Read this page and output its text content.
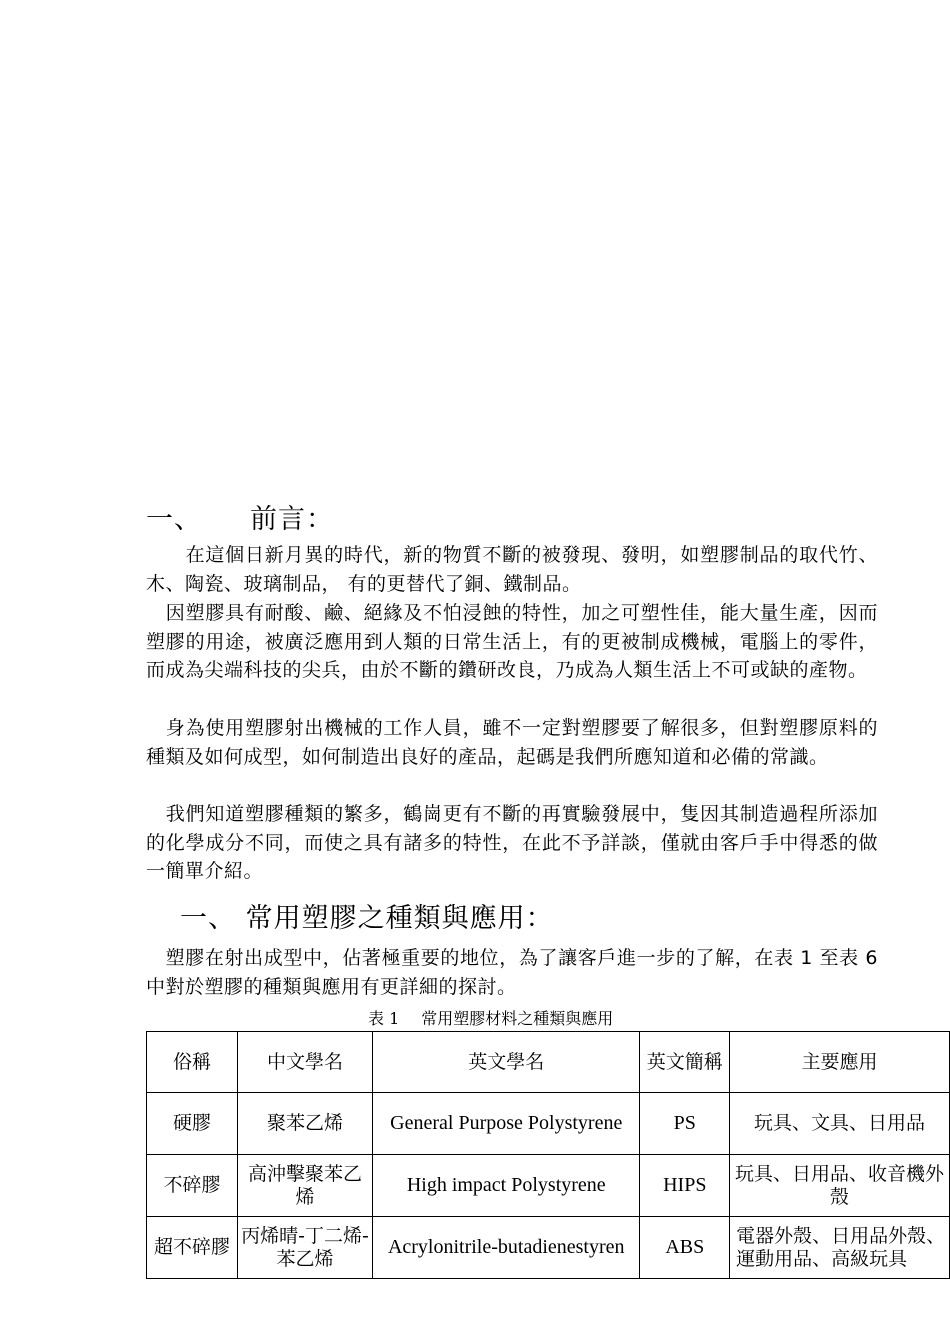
一、 前言：

　　在這個日新月異的時代，新的物質不斷的被發現、發明，如塑膠制品的取代竹、木、陶瓷、玻璃制品， 有的更替代了銅、鐵制品。

　因塑膠具有耐酸、鹼、絕緣及不怕浸蝕的特性，加之可塑性佳，能大量生產，因而塑膠的用途，被廣泛應用到人類的日常生活上，有的更被制成機械，電腦上的零件，而成為尖端科技的尖兵，由於不斷的鑽研改良，乃成為人類生活上不可或缺的產物。

　身為使用塑膠射出機械的工作人員，雖不一定對塑膠要了解很多，但對塑膠原料的種類及如何成型，如何制造出良好的產品，起碼是我們所應知道和必備的常識。

　我們知道塑膠種類的繁多，鶴崗更有不斷的再實驗發展中，隻因其制造過程所添加的化學成分不同，而使之具有諸多的特性，在此不予詳談，僅就由客戶手中得悉的做一簡單介紹。

一、 常用塑膠之種類與應用：

　塑膠在射出成型中，佔著極重要的地位，為了讓客戶進一步的了解，在表 1 至表 6 中對於塑膠的種類與應用有更詳細的探討。

表 1 常用塑膠材料之種類與應用

俗稱	中文學名	英文學名	英文簡稱	主要應用
硬膠	聚苯乙烯	General Purpose Polystyrene	PS	玩具、文具、日用品
不碎膠	高沖擊聚苯乙烯	High impact Polystyrene	HIPS	玩具、日用品、收音機外殼
超不碎膠	丙烯晴-丁二烯-苯乙烯	Acrylonitrile-butadienestyren	ABS	電器外殼、日用品外殼、運動用品、高級玩具
